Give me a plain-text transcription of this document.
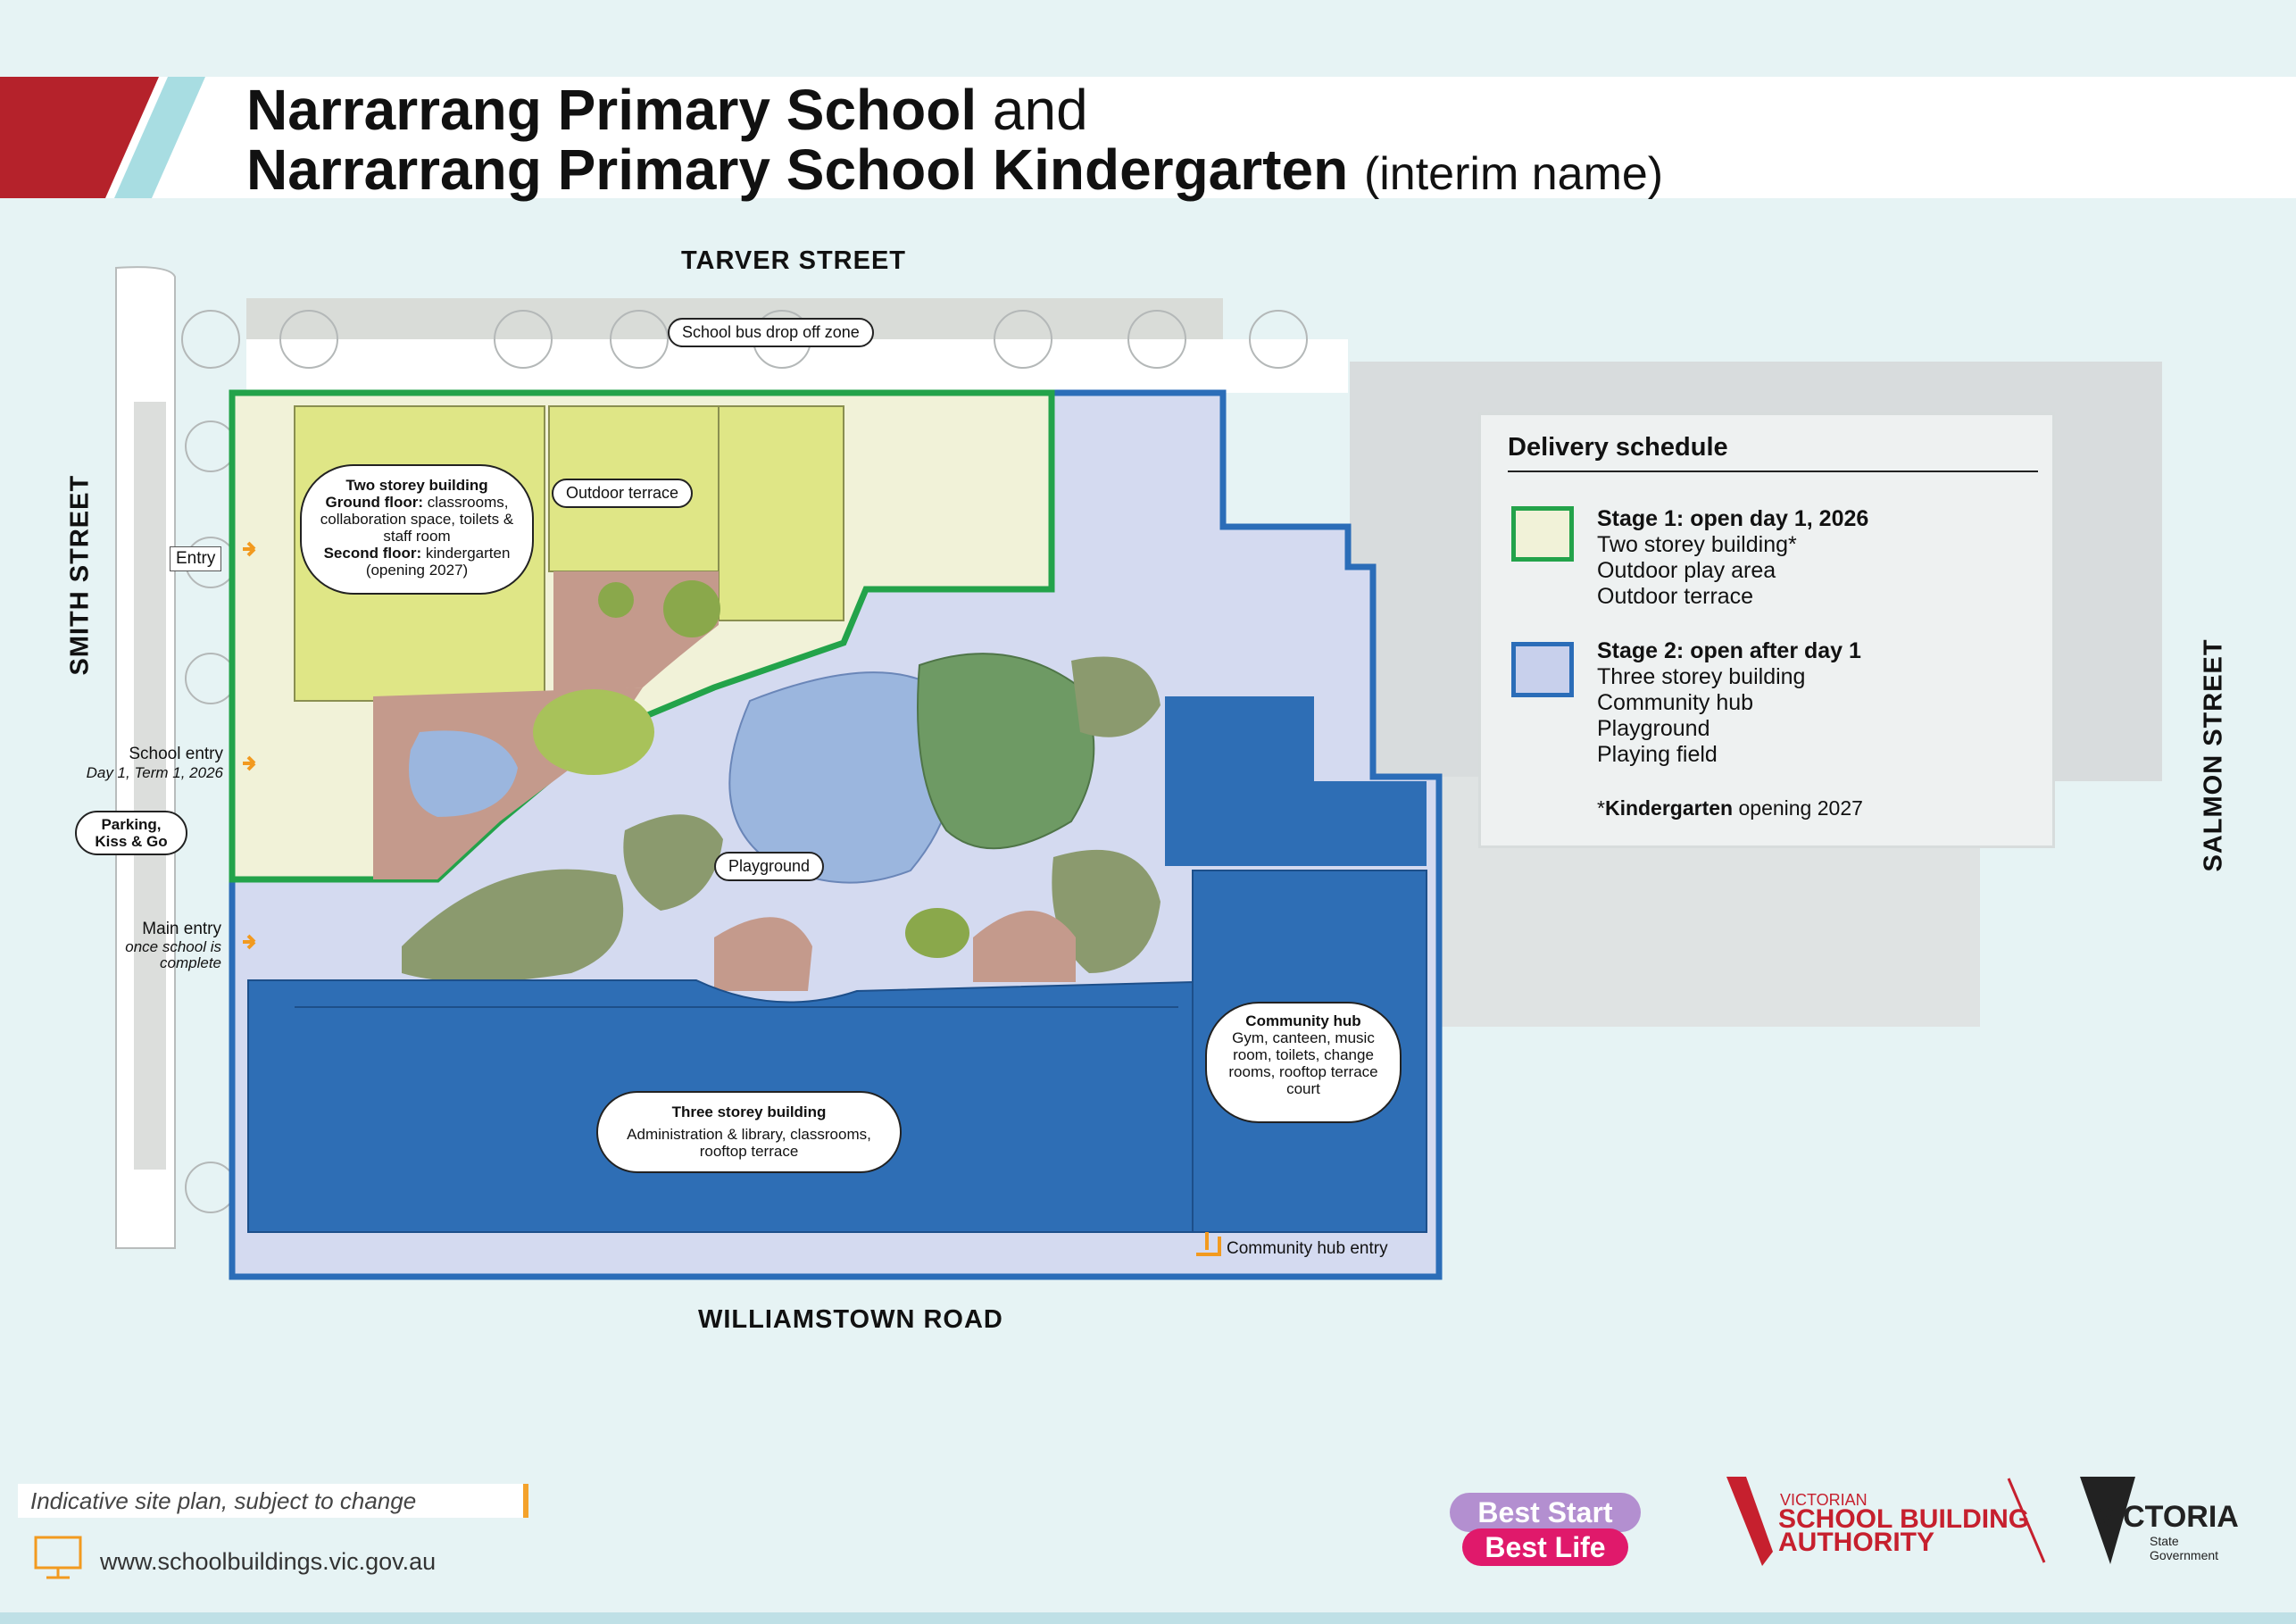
Narrarrang Primary School and
Narrarrang Primary School Kindergarten (interim name)
TARVER STREET
WILLIAMSTOWN ROAD
SMITH STREET
SALMON STREET
School bus drop off zone
Two storey building
Ground floor: classrooms, collaboration space, toilets & staff room
Second floor: kindergarten (opening 2027)
Outdoor terrace
Playground
Three storey building
Administration & library, classrooms, rooftop terrace
Community hub
Gym, canteen, music room, toilets, change rooms, rooftop terrace court
Entry
School entry
Day 1, Term 1, 2026
Parking, Kiss & Go
Main entry
once school is complete
Community hub entry
Delivery schedule
Stage 1: open day 1, 2026
Two storey building*
Outdoor play area
Outdoor terrace
Stage 2: open after day 1
Three storey building
Community hub
Playground
Playing field
*Kindergarten opening 2027
Indicative site plan, subject to change
www.schoolbuildings.vic.gov.au
Best Start
Best Life
VICTORIAN
SCHOOL BUILDING
AUTHORITY
VICTORIA
State
Government
